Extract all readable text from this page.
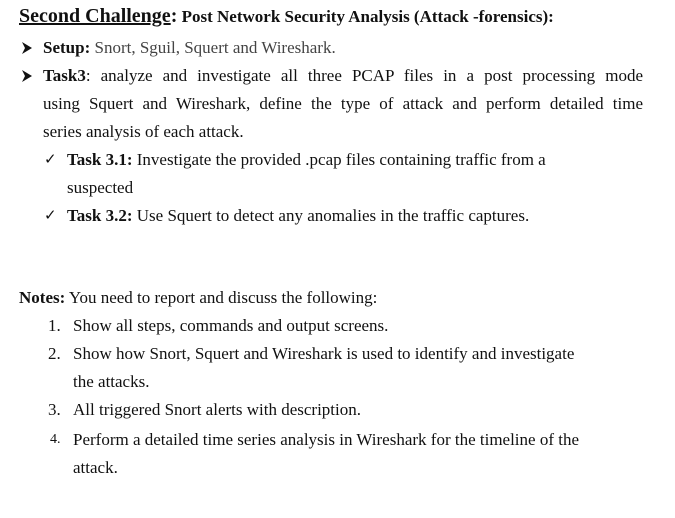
Second Challenge: Post Network Security Analysis (Attack -forensics):
Setup: Snort, Sguil, Squert and Wireshark.
Task3: analyze and investigate all three PCAP files in a post processing mode
using Squert and Wireshark, define the type of attack and perform detailed time
series analysis of each attack.
✓ Task 3.1: Investigate the provided .pcap files containing traffic from a
suspected
✓ Task 3.2: Use Squert to detect any anomalies in the traffic captures.
Notes: You need to report and discuss the following:
1. Show all steps, commands and output screens.
2. Show how Snort, Squert and Wireshark is used to identify and investigate
the attacks.
3. All triggered Snort alerts with description.
4. Perform a detailed time series analysis in Wireshark for the timeline of the
attack.
